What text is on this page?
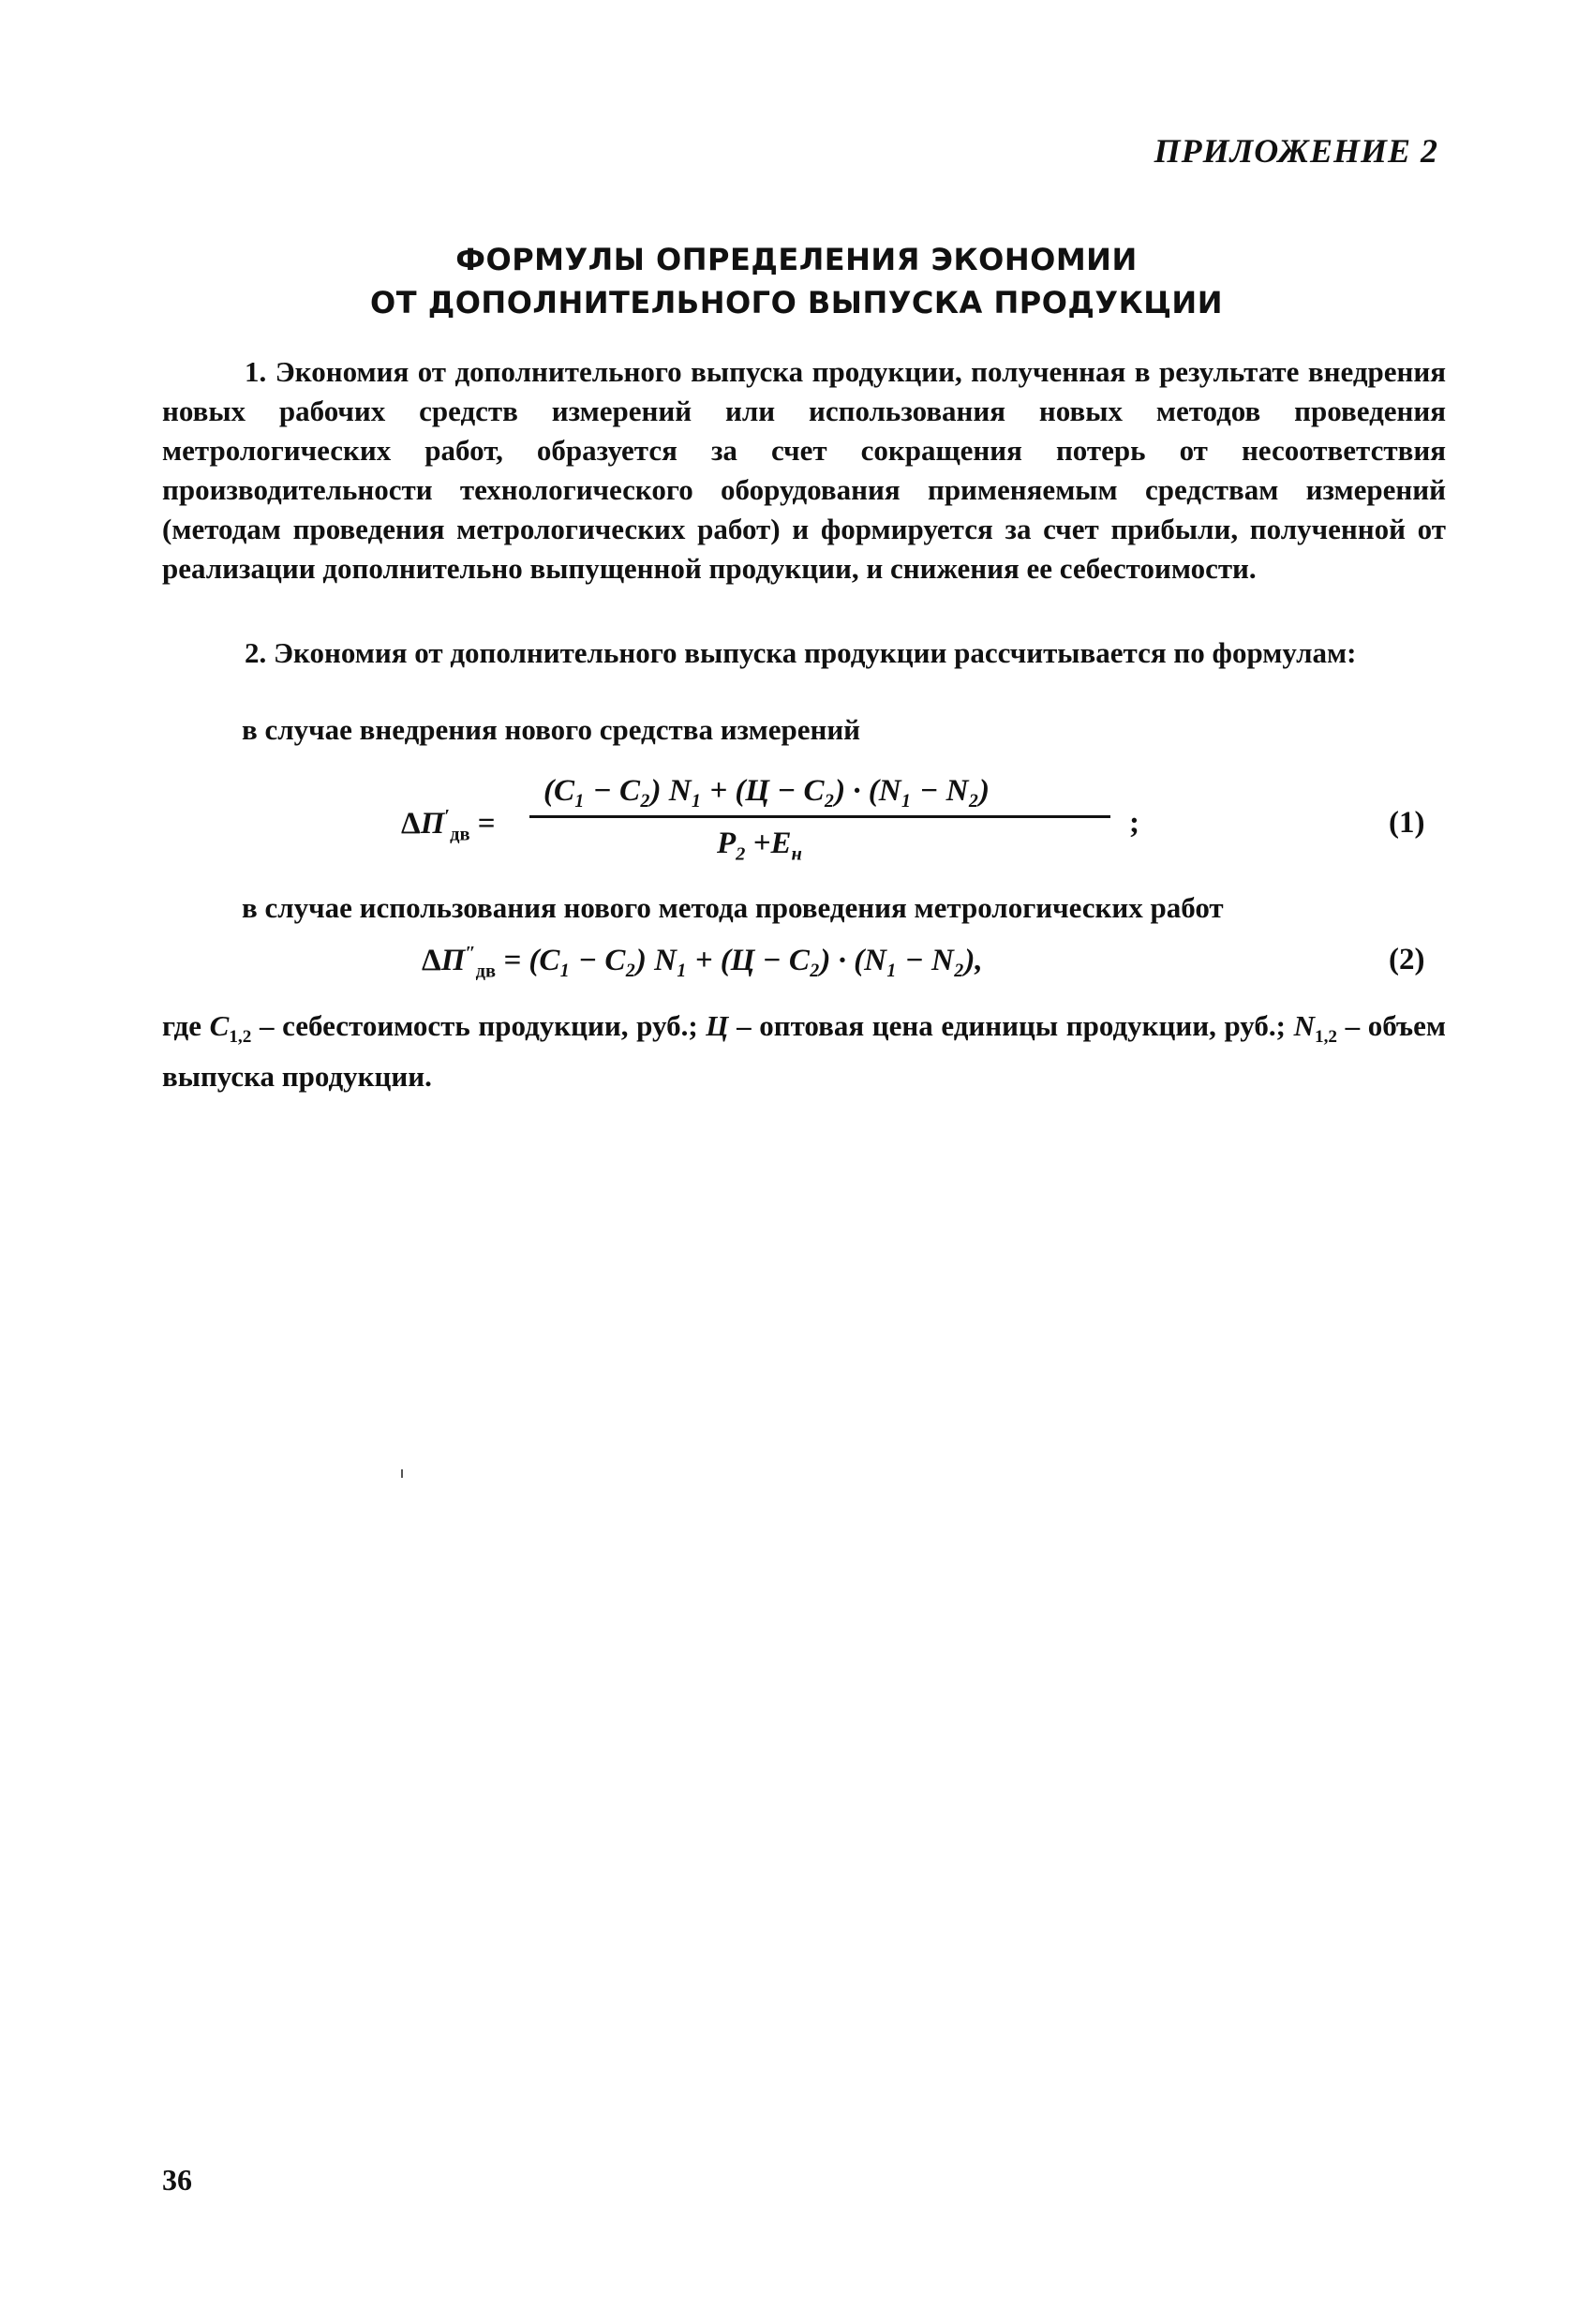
ПРИЛОЖЕНИЕ 2
ФОРМУЛЫ ОПРЕДЕЛЕНИЯ ЭКОНОМИИ
ОТ ДОПОЛНИТЕЛЬНОГО ВЫПУСКА ПРОДУКЦИИ
1. Экономия от дополнительного выпуска продукции, полученная в результате внедрения новых рабочих средств измерений или использования новых методов проведения метрологических работ, образуется за счет сокращения потерь от несоответствия производительности технологического оборудования применяемым средствам измерений (методам проведения метрологических работ) и формируется за счет прибыли, полученной от реализации дополнительно выпущенной продукции, и снижения ее себестоимости.
2. Экономия от дополнительного выпуска продукции рассчитывается по формулам:
в случае внедрения нового средства измерений
$\Delta П'_{дв}$ =
(C₁ − C₂) N₁ + (Ц − C₂) · (N₁ − N₂)
$P_2 +E_н$
;	(1)
в случае использования нового метода проведения метрологических работ
$\Delta П''_{дв} = (C_1 - C_2) N_1 + (Ц - C_2) \cdot (N_1 - N_2)$,	(2)
где $C_{1,2}$ – себестоимость продукции, руб.; Ц – оптовая цена единицы продукции, руб.; $N_{1,2}$ – объем выпуска продукции.
36
